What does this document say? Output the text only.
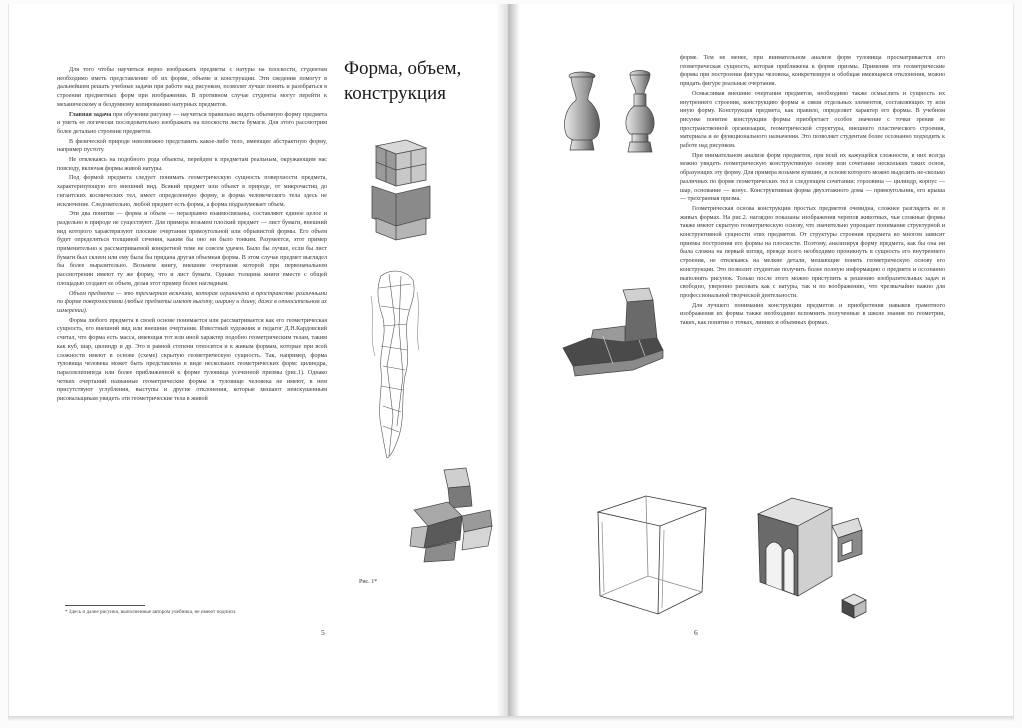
Для того чтобы научиться верно изображать предметы с натуры на плоскости, студентам необходимо иметь представление об их форме, объеме и конструкции. Эти сведения помогут в дальнейшем решать учебные задачи при работе над рисунком, позволят лучше понять и разобраться в строении предметных форм при изображении. В противном случае студенты могут перейти к механическому и бездумному копированию натурных предметов.

Главная задача при обучении рисунку — научиться правильно видеть объемную форму предмета и уметь ее логически последовательно изображать на плоскости листа бумаги. Для этого рассмотрим более детально строение предметов.

В физической природе невозможно представить какое-либо тело, имеющее абстрактную форму, например пустоту.

Не отвлекаясь на подобного рода объекты, перейдем к предметам реальным, окружающим нас повсюду, включая формы живой натуры.

Под формой предмета следует понимать геометрическую сущность поверхности предмета, характеризующую его внешний вид. Всякий предмет или объект в природе, от микрочастиц до гигантских космических тел, имеет определенную форму, и форма человеческого тела здесь не исключение. Следовательно, любой предмет есть форма, а форма подразумевает объем.

Эти два понятия — форма и объем — неразрывно взаимосвязаны, составляют единое целое и раздельно в природе не существуют. Для примера возьмем плоский предмет — лист бумаги, внешний вид которого характеризуют плоские очертания прямоугольной или обрывистой формы. Его объем будет определяться толщиной сечения, каким бы оно ни было тонким. Разумеется, этот пример применительно к рассматриваемой конкретной теме не совсем удачен. Было бы лучше, если бы лист бумаги был склеен или ему была бы придана другая объемная форма. В этом случае предмет выглядел бы более выразительно. Возьмем книгу, внешние очертания которой при первоначальном рассмотрении имеют ту же форму, что и лист бумаги. Однако толщина книги вместе с общей площадью создают ее объем, делая этот пример более наглядным.

Объем предмета — это трехмерная величина, которая ограничена в пространстве различными по форме поверхностями (любые предметы имеют высоту, ширину и длину, даже в относительном их измерении).

Форма любого предмета в своей основе понимается или рассматривается как его геометрическая сущность, его внешний вид или внешние очертания. Известный художник и педагог Д.Н.Кардовский считал, что форма есть масса, имеющая тот или иной характер подобно геометрическим телам, таким как куб, шар, цилиндр и др. Это в равной степени относится и к живым формам, которые при всей сложности имеют в основе (схеме) скрытую геометрическую сущность. Так, например, форма туловища человека может быть представлена в виде нескольких геометрических форм: цилиндра, параллелепипеда или более приближенной к форме туловища усеченной призмы (рис.1). Однако четких очертаний названные геометрические формы в туловище человека не имеют, в нем присутствуют углубления, выступы и другие отклонения, которые мешают неискушенным рисовальщикам увидеть эти геометрические тела в живой

Форма, объем, конструкция
Рис. 1*
* Здесь и далее рисунки, выполненные автором учебника, не имеют подписи.
5

форме. Тем не менее, при внимательном анализе форм туловища просматривается его геометрическая сущность, которая приближена к форме призмы. Применяя эти геометрические формы при построении фигуры человека, конкретизируя и обобщая имеющиеся отклонения, можно придать фигуре реальные очертания.

Осмысливая внешние очертания предметов, необходимо также осмыслить и сущность их внутреннего строения, конструкцию формы и связи отдельных элементов, составляющих ту или иную форму. Конструкция предмета, как правило, определяет характер его формы. В учебном рисунке понятие конструкции формы приобретает особое значение с точки зрения ее пространственной организации, геометрической структуры, внешнего пластического строения, материала и ее функционального назначения. Это позволяет студентам более осознанно подходить к работе над рисунком.

При внимательном анализе форм предметов, при всей их кажущейся сложности, в них всегда можно увидеть геометрическую конструктивную основу или сочетание нескольких таких основ, образующих эту форму. Для примера возьмем кувшин, в основе которого можно выделить не-сколько различных по форме геометрических тел в следующем сочетании: горловина — цилиндр, корпус — шар, основание — конус. Конструктивная форма двухэтажного дома — прямоугольник, его крыша — трехгранная призма.

Геометрическая основа конструкции простых предметов очевидна, сложнее разглядеть ее в живых формах. На рис.2. наглядно показаны изображения черепов животных, чьи сложные формы также имеют скрытую геометрическую основу, что значительно упрощает понимание структурной и конструктивной сущности этих предметов. От структуры строения предмета во многом зависит приемы построения его формы на плоскости. Поэтому, анализируя форму предмета, как бы она ни была сложна на первый взгляд, прежде всего необходимо проникнуть в сущность его внутреннего строения, не отвлекаясь на мелкие детали, мешающие понять геометрическую основу его конструкции. Это позволит студентам получить более полную информацию о предмете и осознанно выполнять рисунок. Только после этого можно приступить к решению изобразительных задач и свободно, уверенно рисовать как с натуры, так и по воображению, что чрезвычайно важно для профессиональной творческой деятельности.

Для лучшего понимания конструкции предметов и приобретения навыков грамотного изображения их формы также необходимо вспомнить полученные в школе знания по геометрии, таких, как понятия о точках, линиях и объемных формах.

6
